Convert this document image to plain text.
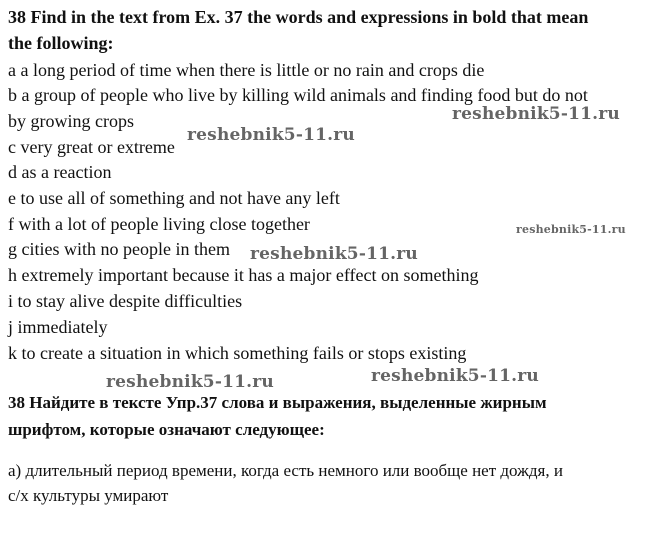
38 Find in the text from Ex. 37 the words and expressions in bold that mean
the following:
a a long period of time when there is little or no rain and crops die
b a group of people who live by killing wild animals and finding food but do not
by growing crops
c very great or extreme
d as a reaction
e to use all of something and not have any left
f with a lot of people living close together
g cities with no people in them
h extremely important because it has a major effect on something
i to stay alive despite difficulties
j immediately
k to create a situation in which something fails or stops existing
38 Найдите в тексте Упр.37 слова и выражения, выделенные жирным
шрифтом, которые означают следующее:
а) длительный период времени, когда есть немного или вообще нет дождя, и
с/х культуры умирают
reshebnik5-11.ru
reshebnik5-11.ru
reshebnik5-11.ru
reshebnik5-11.ru
reshebnik5-11.ru	reshebnik5-11.ru
